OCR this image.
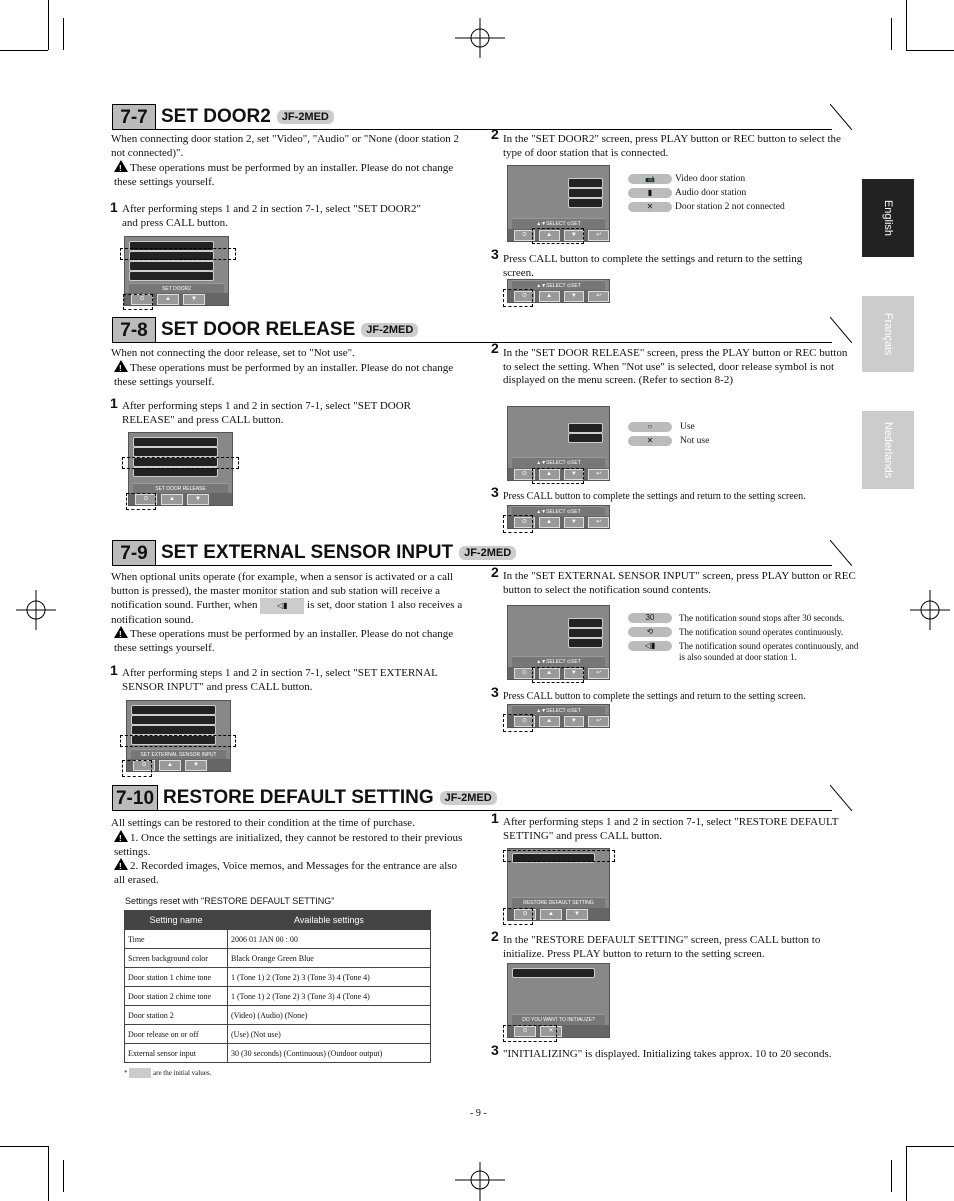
English
Français
Nederlands
7-7 SET DOOR2 JF-2MED
When connecting door station 2, set "Video", "Audio" or "None (door station 2 not connected)".
!These operations must be performed by an installer. Please do not change these settings yourself.
1 After performing steps 1 and 2 in section 7-1, select "SET DOOR2" and press CALL button.
SET DOOR2
⊙	▲	▼
2 In the "SET DOOR2" screen, press PLAY button or REC button to select the type of door station that is connected.
▲▼SELECT ⊙SET
⊙	▲	▼	↩
📷	Video door station
▮	Audio door station
✕	Door station 2 not connected
3 Press CALL button to complete the settings and return to the setting screen.
▲▼SELECT ⊙SET
⊙	▲	▼	↩
7-8 SET DOOR RELEASE JF-2MED
When not connecting the door release, set to "Not use".
!These operations must be performed by an installer. Please do not change these settings yourself.
1 After performing steps 1 and 2 in section 7-1, select "SET DOOR RELEASE" and press CALL button.
SET DOOR RELEASE
⊙	▲	▼
2 In the "SET DOOR RELEASE" screen, press the PLAY button or REC button to select the setting. When "Not use" is selected, door release symbol is not displayed on the menu screen. (Refer to section 8-2)
▲▼SELECT ⊙SET
⊙	▲	▼	↩
○	Use
✕	Not use
3 Press CALL button to complete the settings and return to the setting screen.
▲▼SELECT ⊙SET
⊙	▲	▼	↩
7-9 SET EXTERNAL SENSOR INPUT JF-2MED
When optional units operate (for example, when a sensor is activated or a call button is pressed), the master monitor station and sub station will receive a notification sound. Further, when ◁▮ is set, door station 1 also receives a notification sound.
!These operations must be performed by an installer. Please do not change these settings yourself.
1 After performing steps 1 and 2 in section 7-1, select "SET EXTERNAL SENSOR INPUT" and press CALL button.
SET EXTERNAL SENSOR INPUT
⊙	▲	▼
2 In the "SET EXTERNAL SENSOR INPUT" screen, press PLAY button or REC button to select the notification sound contents.
▲▼SELECT ⊙SET
⊙	▲	▼	↩
30	The notification sound stops after 30 seconds.
⟲	The notification sound operates continuously.
◁▮	The notification sound operates continuously, and is also sounded at door station 1.
3 Press CALL button to complete the settings and return to the setting screen.
▲▼SELECT ⊙SET
⊙	▲	▼	↩
7-10 RESTORE DEFAULT SETTING JF-2MED
All settings can be restored to their condition at the time of purchase.
!1. Once the settings are initialized, they cannot be restored to their previous settings.
!2. Recorded images, Voice memos, and Messages for the entrance are also all erased.
Settings reset with "RESTORE DEFAULT SETTING"
Setting name	Available settings
Time	2006 01 JAN 00 : 00
Screen background color	Black Orange Green Blue
Door station 1 chime tone	1 (Tone 1) 2 (Tone 2) 3 (Tone 3) 4 (Tone 4)
Door station 2 chime tone	1 (Tone 1) 2 (Tone 2) 3 (Tone 3) 4 (Tone 4)
Door station 2	(Video) (Audio) (None)
Door release on or off	(Use) (Not use)
External sensor input	30 (30 seconds) (Continuous) (Outdoor output)
*	are the initial values.
1 After performing steps 1 and 2 in section 7-1, select "RESTORE DEFAULT SETTING" and press CALL button.
RESTORE DEFAULT SETTING
⊙	▲	▼
2 In the "RESTORE DEFAULT SETTING" screen, press CALL button to initialize. Press PLAY button to return to the setting screen.
DO YOU WANT TO INITIALIZE?
⊙	✕
3 "INITIALIZING" is displayed. Initializing takes approx. 10 to 20 seconds.
- 9 -
